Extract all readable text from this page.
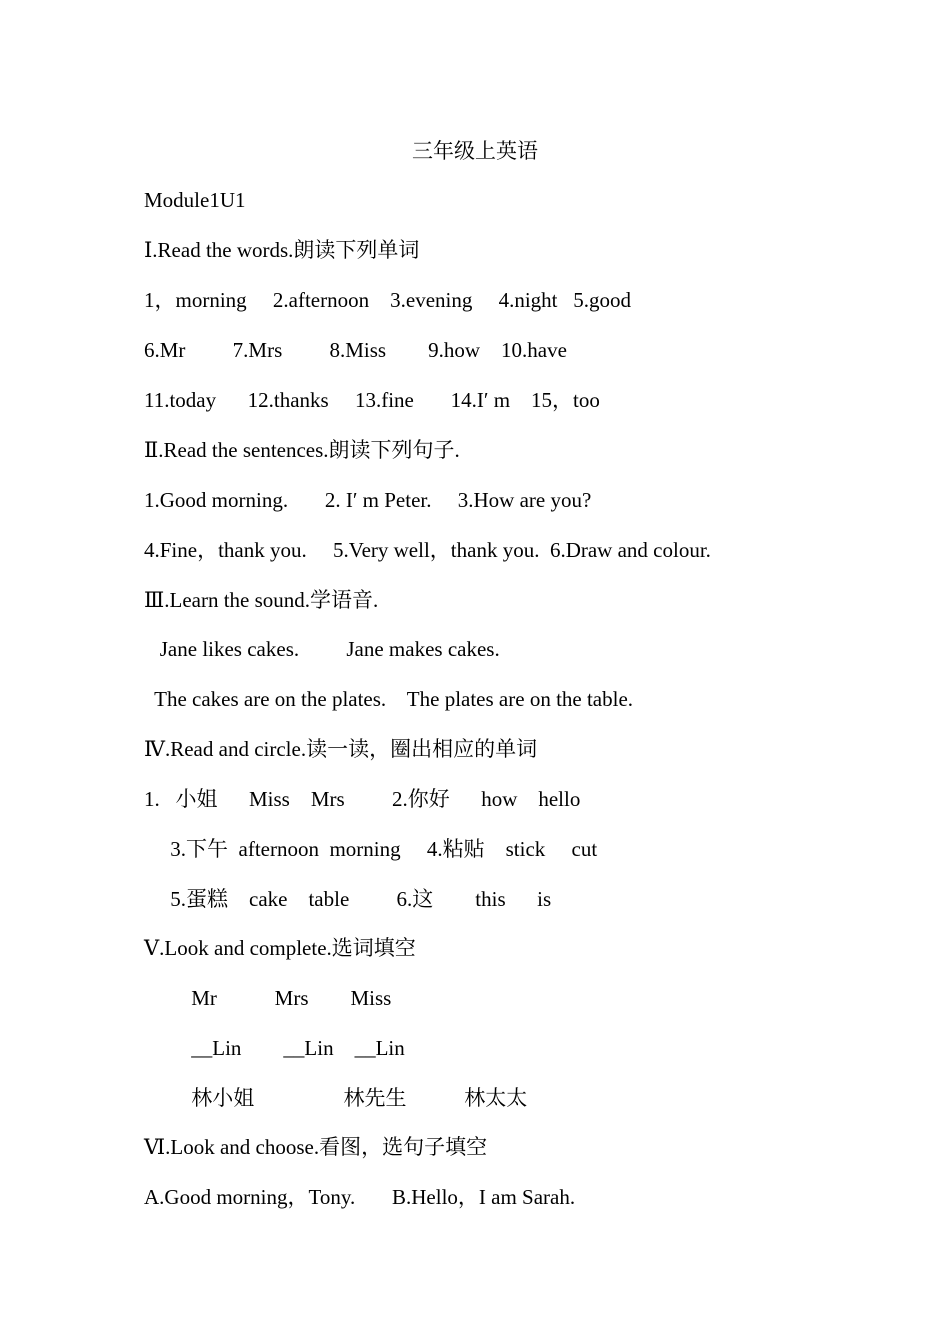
三年级上英语
Module1U1
Ⅰ.Read the words.朗读下列单词
1，morning     2.afternoon    3.evening     4.night   5.good
6.Mr         7.Mrs         8.Miss        9.how    10.have
11.today      12.thanks     13.fine       14.I′ m    15，too
Ⅱ.Read the sentences.朗读下列句子.
1.Good morning.       2. I′ m Peter.     3.How are you?
4.Fine，thank you.     5.Very well，thank you.  6.Draw and colour.
Ⅲ.Learn the sound.学语音.
Jane likes cakes.         Jane makes cakes.
The cakes are on the plates.    The plates are on the table.
Ⅳ.Read and circle.读一读，圈出相应的单词
1.   小姐      Miss    Mrs         2.你好      how    hello
3.下午  afternoon  morning     4.粘贴    stick     cut
5.蛋糕    cake    table         6.这        this      is
Ⅴ.Look and complete.选词填空
Mr           Mrs        Miss
__Lin        __Lin    __Lin
林小姐                 林先生           林太太
Ⅵ.Look and choose.看图，选句子填空
A.Good morning，Tony.       B.Hello，I am Sarah.
